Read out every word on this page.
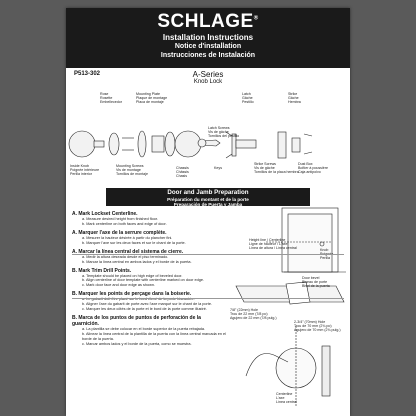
SCHLAGE®
Installation Instructions
Notice d'installation
Instrucciones de Instalación
P513-302	A-Series
Knob Lock
Inside Knob
Poignée intérieure
Perilla interior
Rose
Rosette
Embellecedor
Mounting Screws
Vis de montage
Tornillos de montaje
Mounting Plate
Plaque de montage
Placa de montaje
Chassis
Châssis
Chasis
Latch Screws
Vis de gâche
Tornillos del pestillo
Keys
Latch
Gâche
Pestillo
Strike Screws
Vis de gâche
Tornillos de la placa hembra
Strike
Gâche
Hembra
Dust Box
Boîtier à poussière
Caja antipolvo
Door and Jamb Preparation
Préparation du montant et de la porte
Preparación de Puerta y Jamba
A. Mark Lockset Centerline.
a. Measure desired height from finished floor.
b. Mark centerline on both faces and edge of door.
A. Marquer l'axe de la serrure complète.
a. Mesurer la hauteur désirée à partir du plancher fini.
b. Marquer l'axe sur les deux faces et sur le chant de la porte.
A. Marcar la línea central del sistema de cierre.
a. Medir la altura deseada desde el piso terminado.
b. Marcar la línea central en ambos lados y el borde de la puerta.
B. Mark Trim Drill Points.
a. Template should be placed on high edge of beveled door.
b. Align centerline of door template with centerline marked on door edge.
c. Mark door face and door edge as shown.
B. Marquer les points de perçage dans la boiserie.
a. Le gabarit doit être placé sur le bord élevé de la porte biseautée.
b. Aligner l'axe du gabarit de porte avec l'axe marqué sur le chant de la porte.
c. Marquer les deux côtés de la porte et le bord de la porte comme illustré.
B. Marca de los puntos de puntos de perforación de la guarnición.
a. La plantilla se debe colocar en el borde superior de la puerta rebajada.
b. Alinear la línea central de la plantilla de la puerta con la línea central marcada en el borde de la puerta.
c. Marcar ambos lados y el borde de la puerta, como se muestra.
Height line / Centerline
Ligne de hauteur / L'axe
Línea de altura / Línea central	Knob
Poignée
Perilla
Door bevel
Biseau de porte
Bisel de la puerta
2-3/4" (70mm) Hole
Trou de 70 mm (2¾ po)
Agujero de 70 mm (2¾ pulg.)
7/8" (22mm) Hole
Trou de 22 mm (7/8 po)
Agujero de 22 mm (7/8 pulg.)
Centerline
L'axe
Línea central
